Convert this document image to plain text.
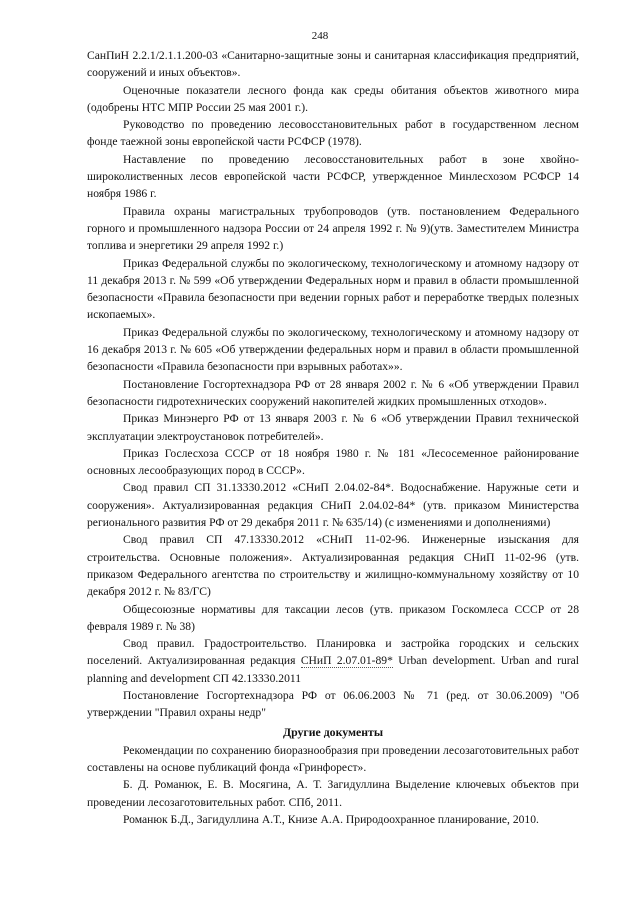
248

СанПиН 2.2.1/2.1.1.200-03 «Санитарно-защитные зоны и санитарная классификация предприятий, сооружений и иных объектов».

Оценочные показатели лесного фонда как среды обитания объектов животного мира (одобрены НТС МПР России 25 мая 2001 г.).

Руководство по проведению лесовосстановительных работ в государственном лесном фонде таежной зоны европейской части РСФСР (1978).

Наставление по проведению лесовосстановительных работ в зоне хвойно-широколиственных лесов европейской части РСФСР, утвержденное Минлесхозом РСФСР 14 ноября 1986 г.

Правила охраны магистральных трубопроводов (утв. постановлением Федерального горного и промышленного надзора России от 24 апреля 1992 г. № 9)(утв. Заместителем Министра топлива и энергетики 29 апреля 1992 г.)

Приказ Федеральной службы по экологическому, технологическому и атомному надзору от 11 декабря 2013 г. № 599 «Об утверждении Федеральных норм и правил в области промышленной безопасности «Правила безопасности при ведении горных работ и переработке твердых полезных ископаемых».

Приказ Федеральной службы по экологическому, технологическому и атомному надзору от 16 декабря 2013 г. № 605 «Об утверждении федеральных норм и правил в области промышленной безопасности «Правила безопасности при взрывных работах»».

Постановление Госгортехнадзора РФ от 28 января 2002 г. № 6 «Об утверждении Правил безопасности гидротехнических сооружений накопителей жидких промышленных отходов».

Приказ Минэнерго РФ от 13 января 2003 г. № 6 «Об утверждении Правил технической эксплуатации электроустановок потребителей».

Приказ Гослесхоза СССР от 18 ноября 1980 г. № 181 «Лесосеменное районирование основных лесообразующих пород в СССР».

Свод правил СП 31.13330.2012 «СНиП 2.04.02-84*. Водоснабжение. Наружные сети и сооружения». Актуализированная редакция СНиП 2.04.02-84* (утв. приказом Министерства регионального развития РФ от 29 декабря 2011 г. № 635/14) (с изменениями и дополнениями)

Свод правил СП 47.13330.2012 «СНиП 11-02-96. Инженерные изыскания для строительства. Основные положения». Актуализированная редакция СНиП 11-02-96 (утв. приказом Федерального агентства по строительству и жилищно-коммунальному хозяйству от 10 декабря 2012 г. № 83/ГС)

Общесоюзные нормативы для таксации лесов (утв. приказом Госкомлеса СССР от 28 февраля 1989 г. № 38)

Свод правил. Градостроительство. Планировка и застройка городских и сельских поселений. Актуализированная редакция СНиП 2.07.01-89* Urban development. Urban and rural planning and development СП 42.13330.2011

Постановление Госгортехнадзора РФ от 06.06.2003 № 71 (ред. от 30.06.2009) "Об утверждении "Правил охраны недр"

Другие документы

Рекомендации по сохранению биоразнообразия при проведении лесозаготовительных работ составлены на основе публикаций фонда «Гринфорест».

Б. Д. Романюк, Е. В. Мосягина, А. Т. Загидуллина Выделение ключевых объектов при проведении лесозаготовительных работ. СПб, 2011.

Романюк Б.Д., Загидуллина А.Т., Книзе А.А. Природоохранное планирование, 2010.
